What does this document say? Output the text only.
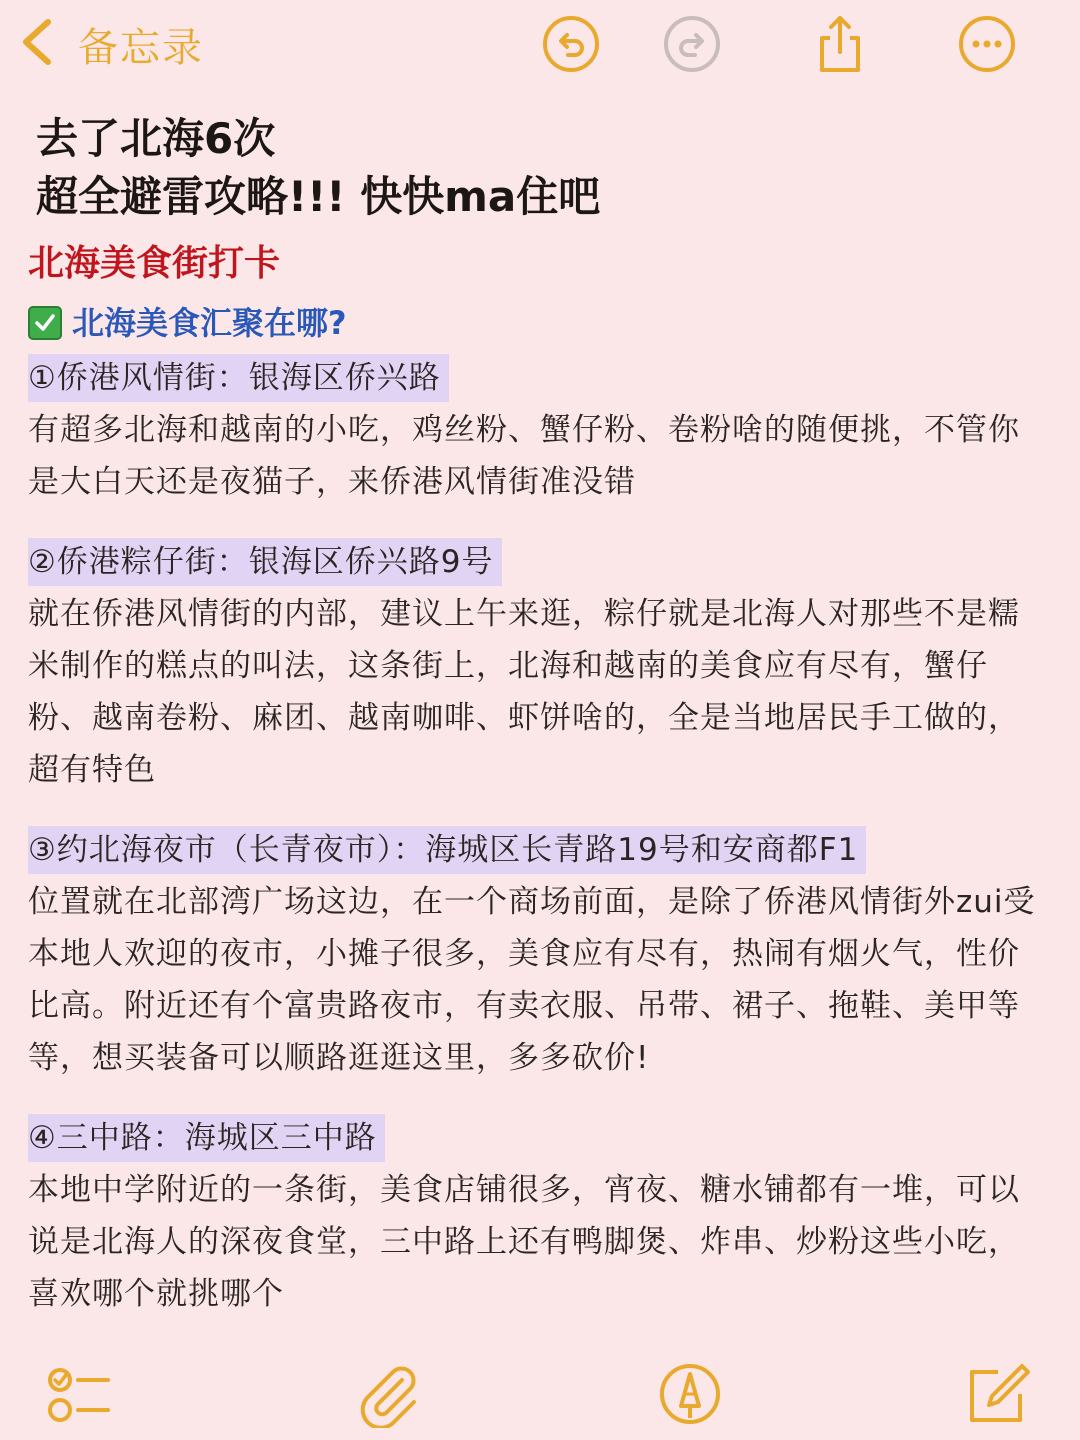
备忘录
去了北海6次
超全避雷攻略!!! 快快ma住吧
北海美食街打卡
北海美食汇聚在哪?
①侨港风情街：银海区侨兴路
有超多北海和越南的小吃，鸡丝粉、蟹仔粉、卷粉啥的随便挑，不管你是大白天还是夜猫子，来侨港风情街准没错
②侨港粽仔街：银海区侨兴路9号
就在侨港风情街的内部，建议上午来逛，粽仔就是北海人对那些不是糯米制作的糕点的叫法，这条街上，北海和越南的美食应有尽有，蟹仔粉、越南卷粉、麻团、越南咖啡、虾饼啥的，全是当地居民手工做的，超有特色
③约北海夜市（长青夜市）：海城区长青路19号和安商都F1
位置就在北部湾广场这边，在一个商场前面，是除了侨港风情街外zui受本地人欢迎的夜市，小摊子很多，美食应有尽有，热闹有烟火气，性价比高。附近还有个富贵路夜市，有卖衣服、吊带、裙子、拖鞋、美甲等等，想买装备可以顺路逛逛这里，多多砍价!
④三中路：海城区三中路
本地中学附近的一条街，美食店铺很多，宵夜、糖水铺都有一堆，可以说是北海人的深夜食堂，三中路上还有鸭脚煲、炸串、炒粉这些小吃，喜欢哪个就挑哪个
